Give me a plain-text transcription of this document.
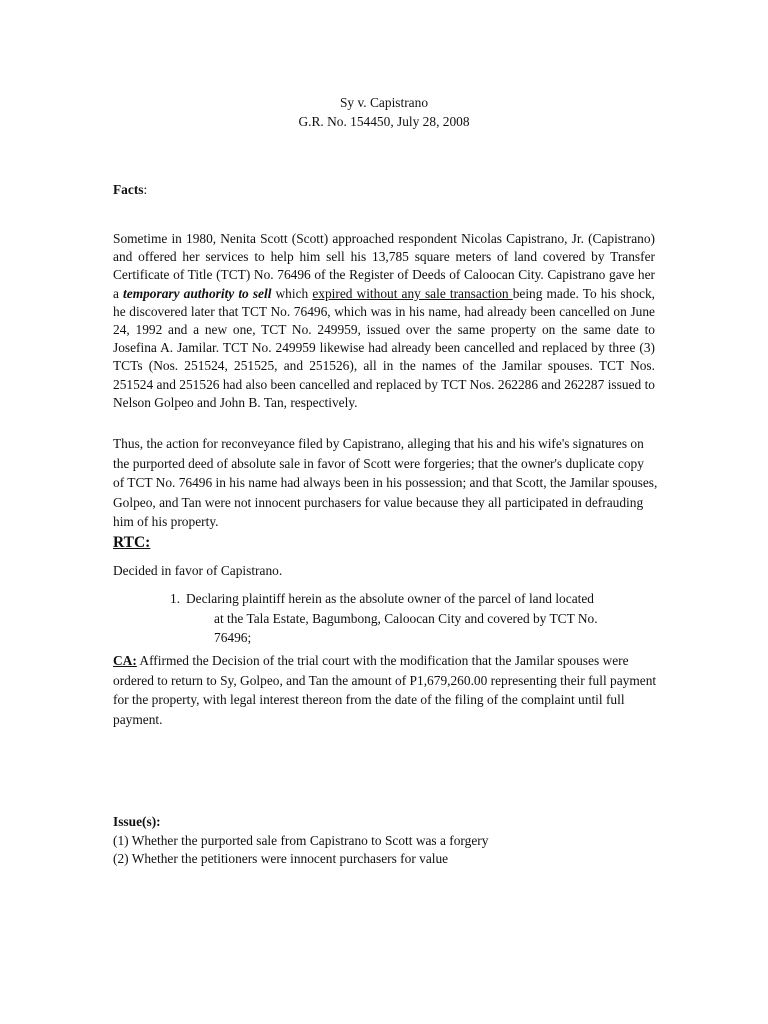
Sy v. Capistrano
G.R. No. 154450, July 28, 2008
Facts:
Sometime in 1980, Nenita Scott (Scott) approached respondent Nicolas Capistrano, Jr. (Capistrano) and offered her services to help him sell his 13,785 square meters of land covered by Transfer Certificate of Title (TCT) No. 76496 of the Register of Deeds of Caloocan City. Capistrano gave her a temporary authority to sell which expired without any sale transaction being made. To his shock, he discovered later that TCT No. 76496, which was in his name, had already been cancelled on June 24, 1992 and a new one, TCT No. 249959, issued over the same property on the same date to Josefina A. Jamilar. TCT No. 249959 likewise had already been cancelled and replaced by three (3) TCTs (Nos. 251524, 251525, and 251526), all in the names of the Jamilar spouses. TCT Nos. 251524 and 251526 had also been cancelled and replaced by TCT Nos. 262286 and 262287 issued to Nelson Golpeo and John B. Tan, respectively.
Thus, the action for reconveyance filed by Capistrano, alleging that his and his wife's signatures on the purported deed of absolute sale in favor of Scott were forgeries; that the owner's duplicate copy of TCT No. 76496 in his name had always been in his possession; and that Scott, the Jamilar spouses, Golpeo, and Tan were not innocent purchasers for value because they all participated in defrauding him of his property.
RTC:
Decided in favor of Capistrano.
1. Declaring plaintiff herein as the absolute owner of the parcel of land located
at the Tala Estate, Bagumbong, Caloocan City and covered by TCT No.
76496;
CA: Affirmed the Decision of the trial court with the modification that the Jamilar spouses were ordered to return to Sy, Golpeo, and Tan the amount of P1,679,260.00 representing their full payment for the property, with legal interest thereon from the date of the filing of the complaint until full payment.
Issue(s):
(1) Whether the purported sale from Capistrano to Scott was a forgery
(2) Whether the petitioners were innocent purchasers for value
